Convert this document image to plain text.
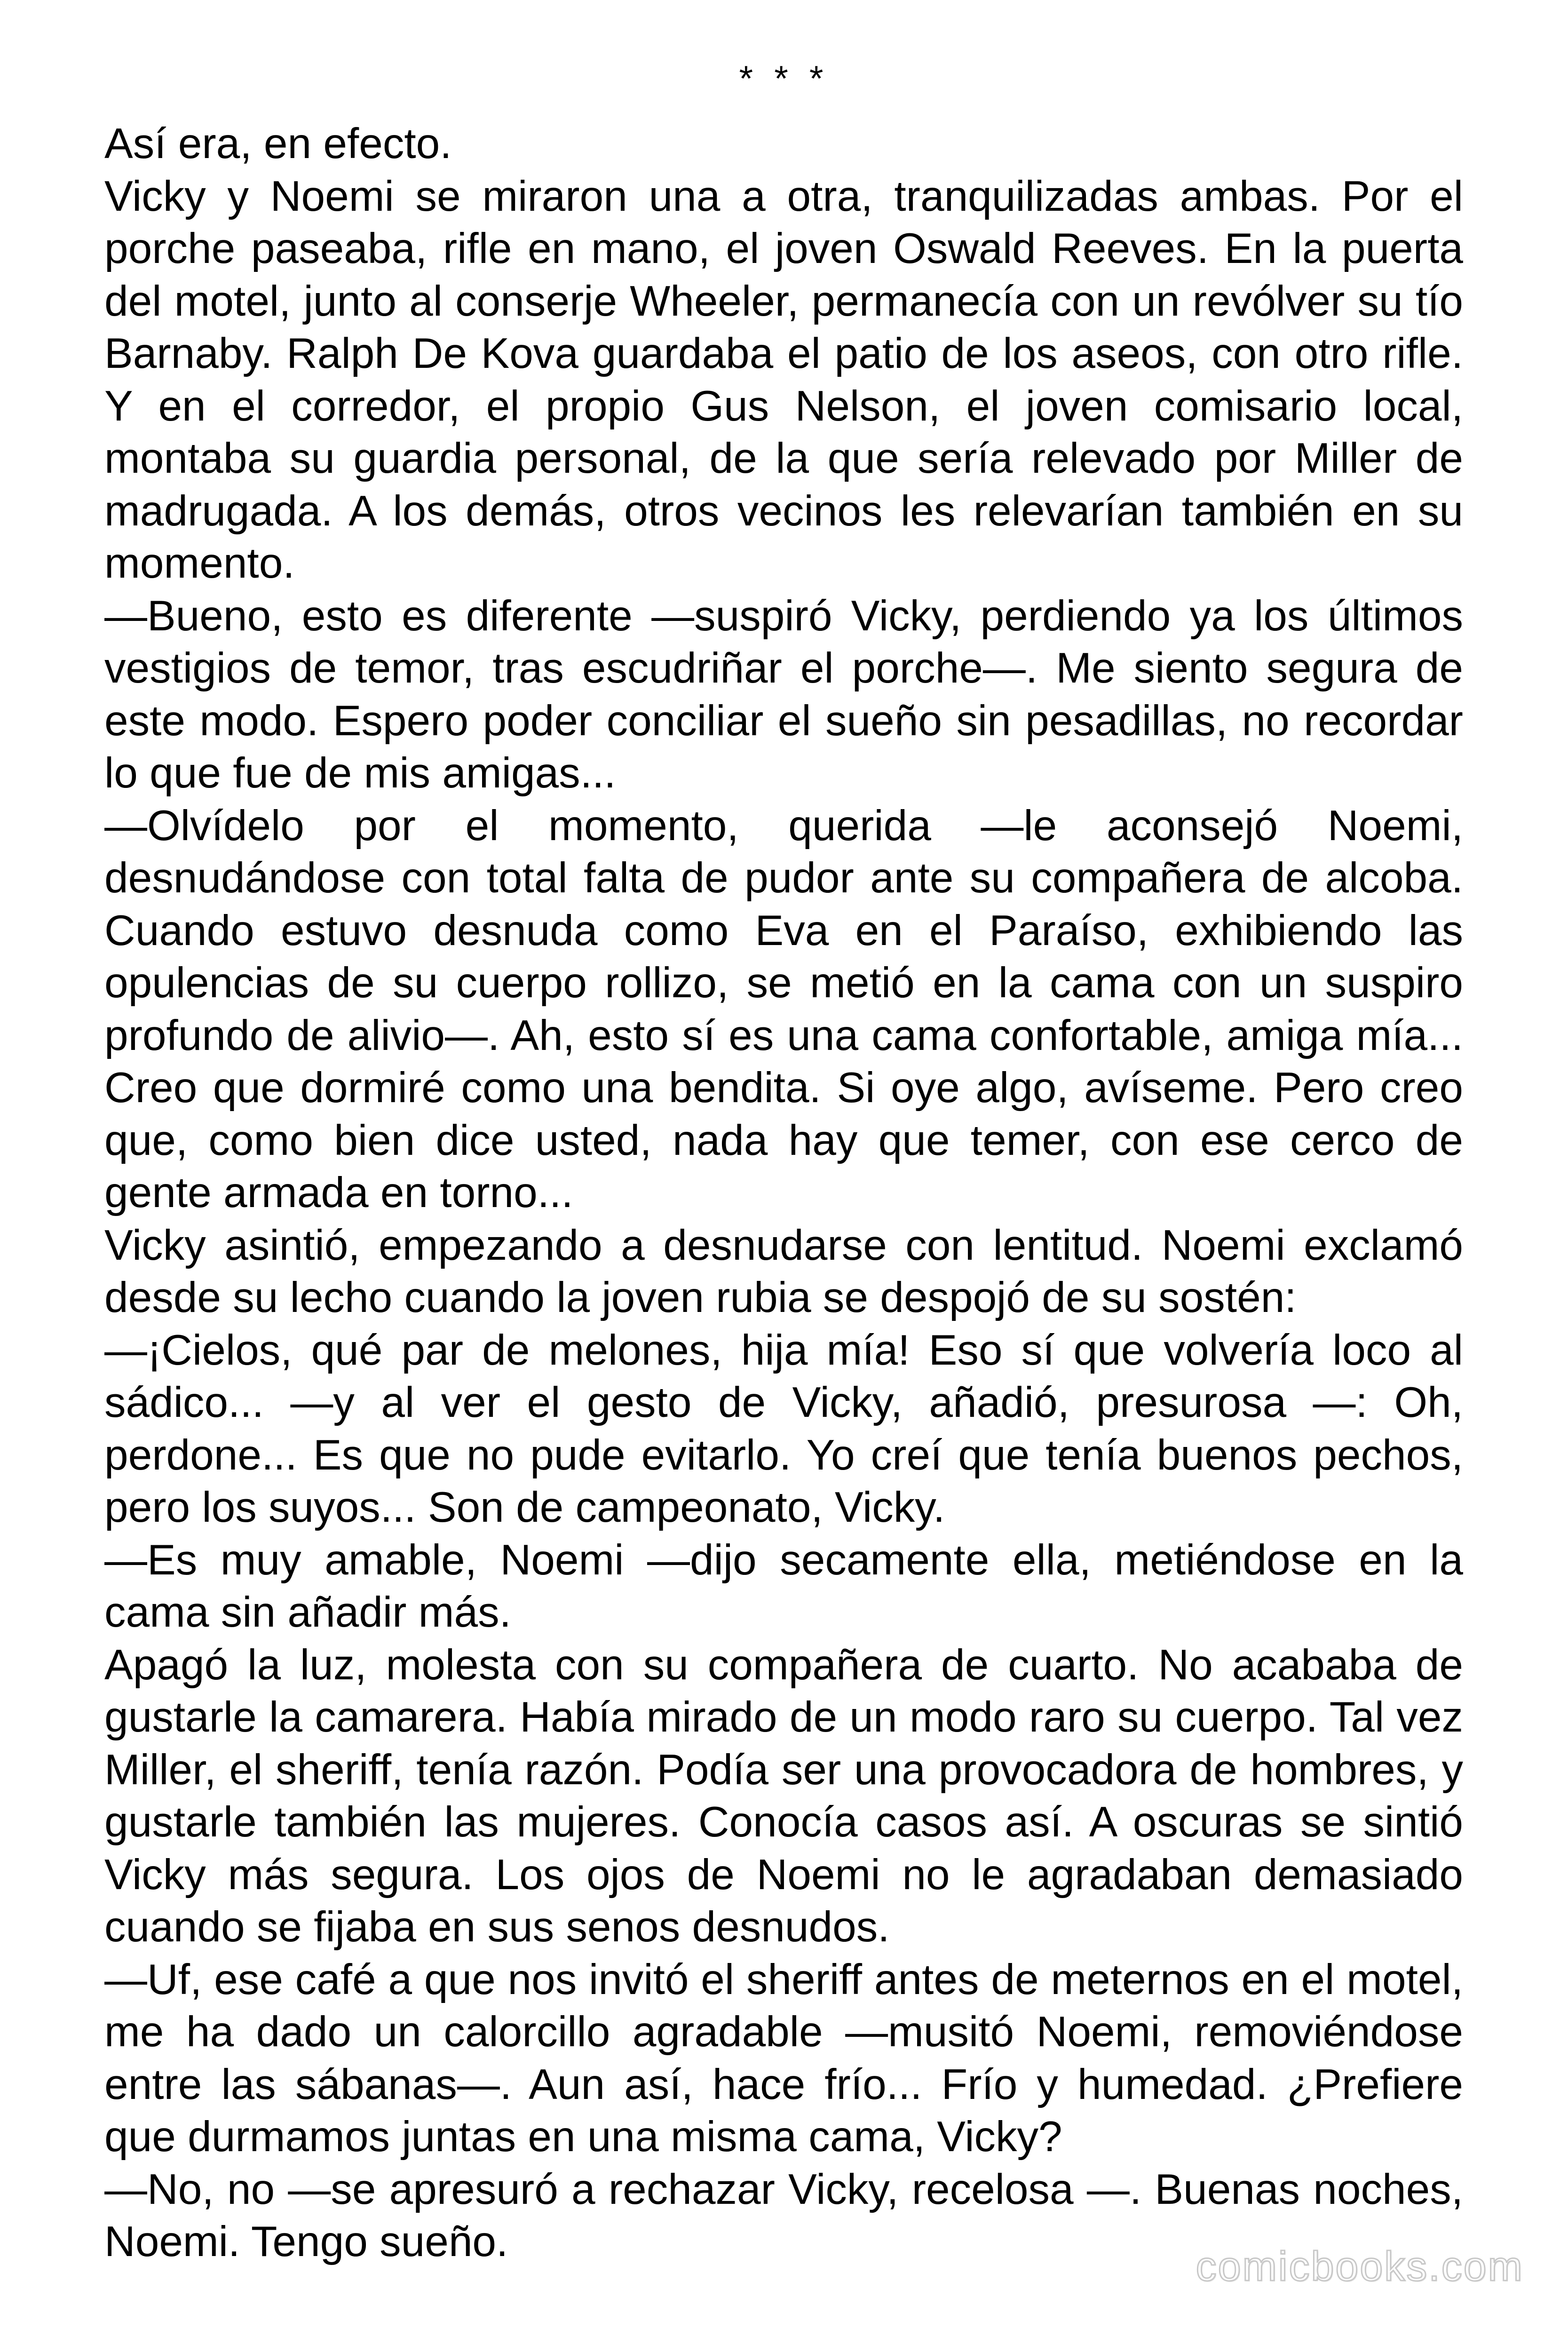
* * *

Así era, en efecto.

Vicky y Noemi se miraron una a otra, tranquilizadas ambas. Por el porche paseaba, rifle en mano, el joven Oswald Reeves. En la puerta del motel, junto al conserje Wheeler, permanecía con un revólver su tío Barnaby. Ralph De Kova guardaba el patio de los aseos, con otro rifle. Y en el corredor, el propio Gus Nelson, el joven comisario local, montaba su guardia personal, de la que sería relevado por Miller de madrugada. A los demás, otros vecinos les relevarían también en su momento.

—Bueno, esto es diferente —suspiró Vicky, perdiendo ya los últimos vestigios de temor, tras escudriñar el porche—. Me siento segura de este modo. Espero poder conciliar el sueño sin pesadillas, no recordar lo que fue de mis amigas...

—Olvídelo por el momento, querida —le aconsejó Noemi, desnudándose con total falta de pudor ante su compañera de alcoba. Cuando estuvo desnuda como Eva en el Paraíso, exhibiendo las opulencias de su cuerpo rollizo, se metió en la cama con un suspiro profundo de alivio—. Ah, esto sí es una cama confortable, amiga mía... Creo que dormiré como una bendita. Si oye algo, avíseme. Pero creo que, como bien dice usted, nada hay que temer, con ese cerco de gente armada en torno...

Vicky asintió, empezando a desnudarse con lentitud. Noemi exclamó desde su lecho cuando la joven rubia se despojó de su sostén:

—¡Cielos, qué par de melones, hija mía! Eso sí que volvería loco al sádico... —y al ver el gesto de Vicky, añadió, presurosa —: Oh, perdone... Es que no pude evitarlo. Yo creí que tenía buenos pechos, pero los suyos... Son de campeonato, Vicky.

—Es muy amable, Noemi —dijo secamente ella, metiéndose en la cama sin añadir más.

Apagó la luz, molesta con su compañera de cuarto. No acababa de gustarle la camarera. Había mirado de un modo raro su cuerpo. Tal vez Miller, el sheriff, tenía razón. Podía ser una provocadora de hombres, y gustarle también las mujeres. Conocía casos así. A oscuras se sintió Vicky más segura. Los ojos de Noemi no le agradaban demasiado cuando se fijaba en sus senos desnudos.

—Uf, ese café a que nos invitó el sheriff antes de meternos en el motel, me ha dado un calorcillo agradable —musitó Noemi, removiéndose entre las sábanas—. Aun así, hace frío... Frío y humedad. ¿Prefiere que durmamos juntas en una misma cama, Vicky?

—No, no —se apresuró a rechazar Vicky, recelosa —. Buenas noches, Noemi. Tengo sueño.

comicbooks.com
